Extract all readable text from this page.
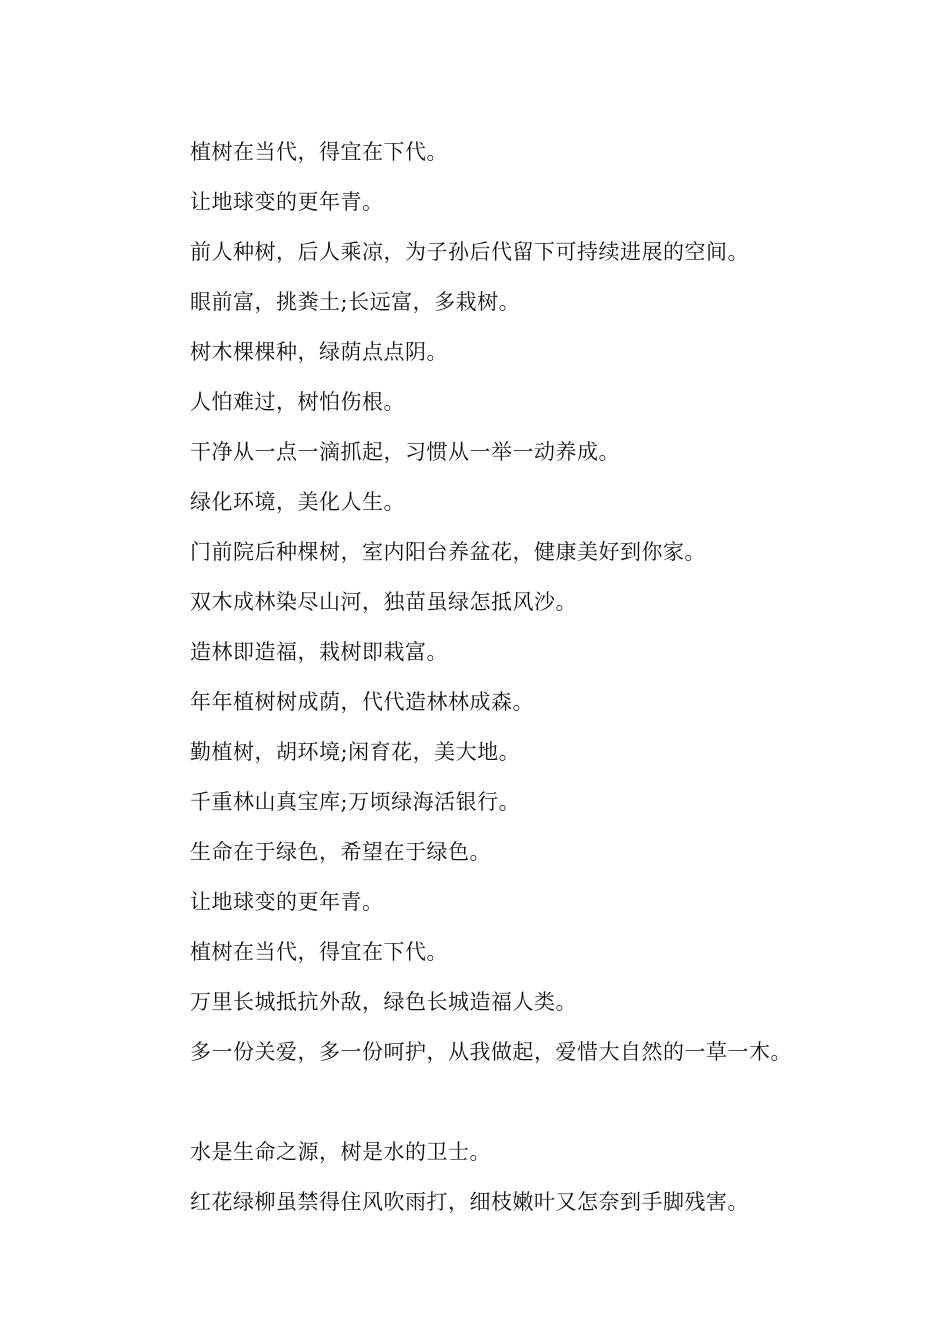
植树在当代，得宜在下代。
让地球变的更年青。
前人种树，后人乘凉，为子孙后代留下可持续进展的空间。
眼前富，挑粪土;长远富，多栽树。
树木棵棵种，绿荫点点阴。
人怕难过，树怕伤根。
干净从一点一滴抓起，习惯从一举一动养成。
绿化环境，美化人生。
门前院后种棵树，室内阳台养盆花，健康美好到你家。
双木成林染尽山河，独苗虽绿怎抵风沙。
造林即造福，栽树即栽富。
年年植树树成荫，代代造林林成森。
勤植树，胡环境;闲育花，美大地。
千重林山真宝库;万顷绿海活银行。
生命在于绿色，希望在于绿色。
让地球变的更年青。
植树在当代，得宜在下代。
万里长城抵抗外敌，绿色长城造福人类。
多一份关爱，多一份呵护，从我做起，爱惜大自然的一草一木。
水是生命之源，树是水的卫士。
红花绿柳虽禁得住风吹雨打，细枝嫩叶又怎奈到手脚残害。
